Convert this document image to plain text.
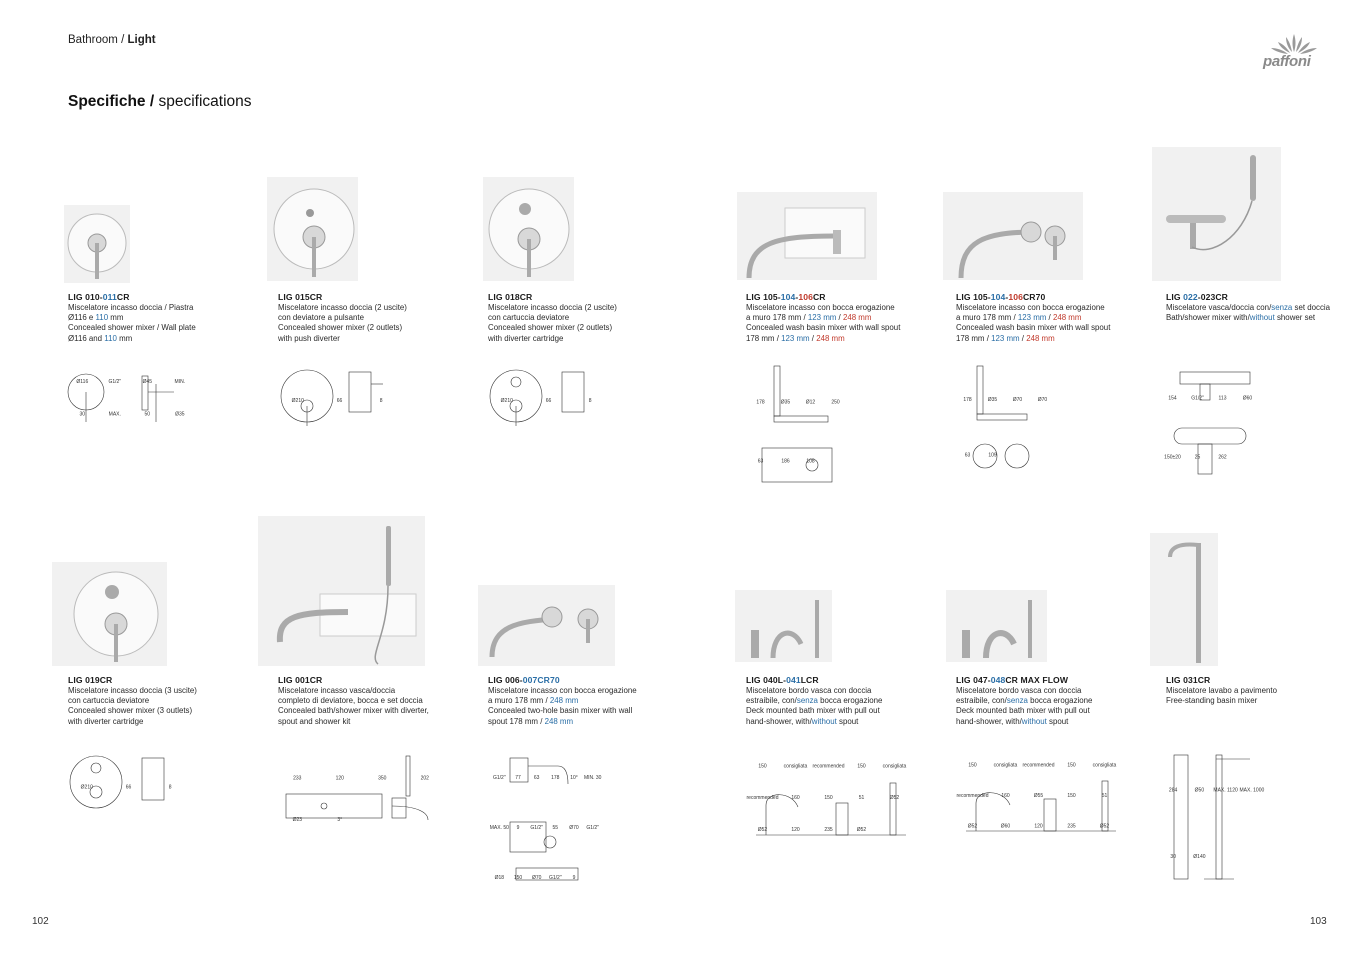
Bathroom / Light
paffoni
Specifiche / specifications
102	103
LIG 010-011CR
Miscelatore incasso doccia / Piastra
Ø116 e 110 mm
Concealed shower mixer / Wall plate
Ø116 and 110 mm
Ø116	G1/2"	Ø45	MIN.
30	MAX.	50	Ø35
LIG 015CR
Miscelatore incasso doccia (2 uscite)
con deviatore a pulsante
Concealed shower mixer (2 outlets)
with push diverter
Ø210	66	8
LIG 018CR
Miscelatore incasso doccia (2 uscite)
con cartuccia deviatore
Concealed shower mixer (2 outlets)
with diverter cartridge
Ø210	66	8
LIG 105-104-106CR
Miscelatore incasso con bocca erogazione
a muro 178 mm / 123 mm / 248 mm
Concealed wash basin mixer with wall spout
178 mm / 123 mm / 248 mm
178	Ø35	Ø12	250
63	186	108
LIG 105-104-106CR70
Miscelatore incasso con bocca erogazione
a muro 178 mm / 123 mm / 248 mm
Concealed wash basin mixer with wall spout
178 mm / 123 mm / 248 mm
178	Ø35	Ø70	Ø70
63	109
LIG 022-023CR
Miscelatore vasca/doccia con/senza set doccia
Bath/shower mixer with/without shower set
154	G1/2"	113	Ø60
150±20	25	262
LIG 019CR
Miscelatore incasso doccia (3 uscite)
con cartuccia deviatore
Concealed shower mixer (3 outlets)
with diverter cartridge
Ø210	66	8
LIG 001CR
Miscelatore incasso vasca/doccia
completo di deviatore, bocca e set doccia
Concealed bath/shower mixer with diverter,
spout and shower kit
233	120	350	202
Ø23	3°
LIG 006-007CR70
Miscelatore incasso con bocca erogazione
a muro 178 mm / 248 mm
Concealed two-hole basin mixer with wall
spout 178 mm / 248 mm
G1/2" 77	63 178 10° MIN. 30
MAX. 50 9 G1/2" 55 Ø70 G1/2"
Ø18 150 Ø70 G1/2" 9
LIG 040L-041LCR
Miscelatore bordo vasca con doccia
estraibile, con/senza bocca erogazione
Deck mounted bath mixer with pull out
hand-shower, with/without spout
150	consigliata recommended	150	consigliata
recommended	160	150	51	Ø52
Ø52	120	235	Ø52
LIG 047-048CR MAX FLOW
Miscelatore bordo vasca con doccia
estraibile, con/senza bocca erogazione
Deck mounted bath mixer with pull out
hand-shower, with/without spout
150	consigliata recommended	150	consigliata
recommended	160	Ø55	150	51
Ø52	Ø60	120	235	Ø52
LIG 031CR
Miscelatore lavabo a pavimento
Free-standing basin mixer
284	Ø50 MAX. 1120 MAX. 1000
30	Ø140
